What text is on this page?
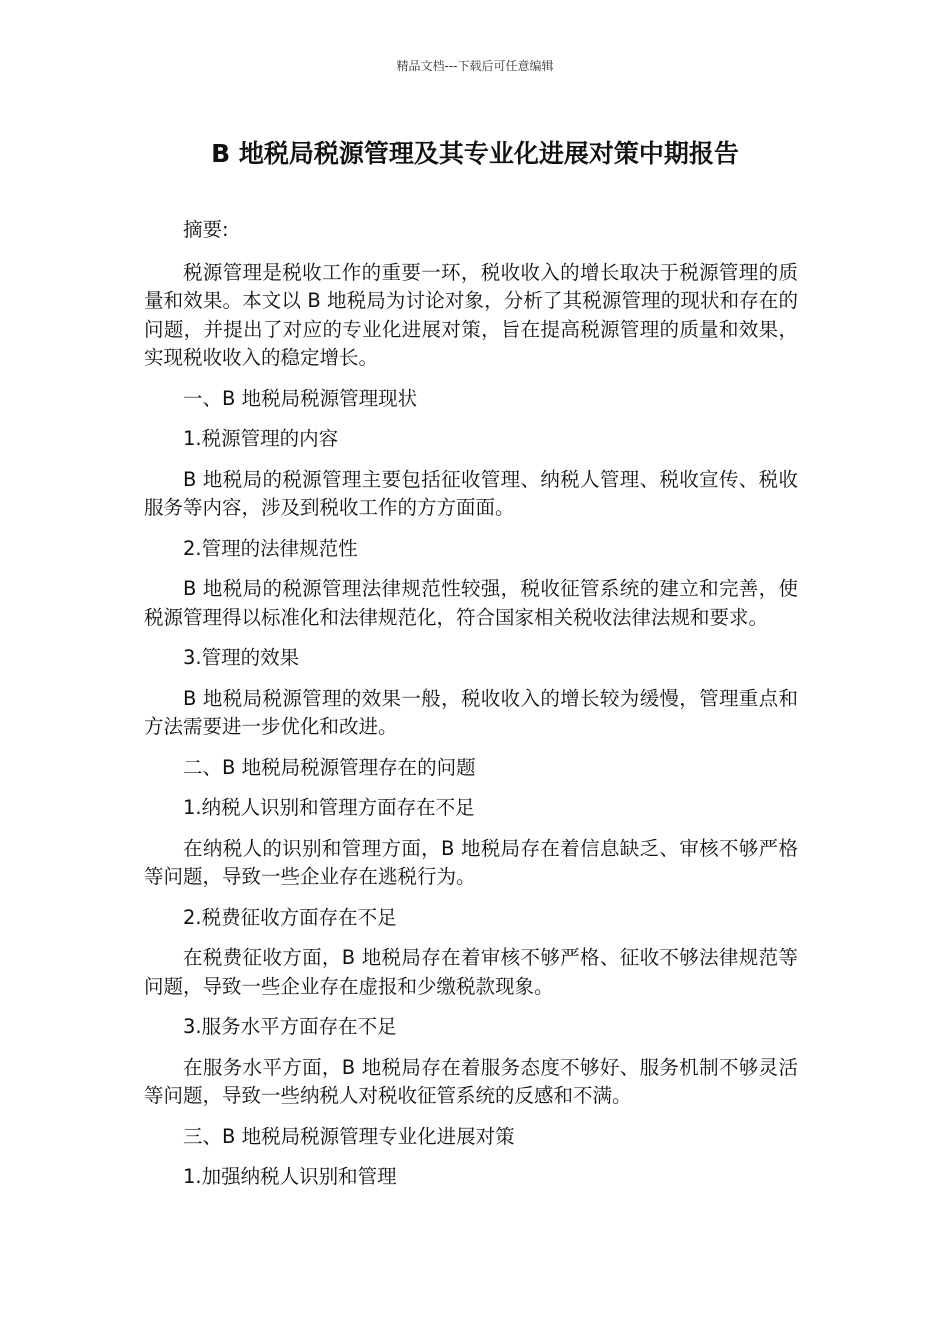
精品文档---下载后可任意编辑
B 地税局税源管理及其专业化进展对策中期报告

摘要:

税源管理是税收工作的重要一环，税收收入的增长取决于税源管理的质量和效果。本文以 B 地税局为讨论对象，分析了其税源管理的现状和存在的问题，并提出了对应的专业化进展对策，旨在提高税源管理的质量和效果，实现税收收入的稳定增长。

一、B 地税局税源管理现状

1.税源管理的内容

B 地税局的税源管理主要包括征收管理、纳税人管理、税收宣传、税收服务等内容，涉及到税收工作的方方面面。

2.管理的法律规范性

B 地税局的税源管理法律规范性较强，税收征管系统的建立和完善，使税源管理得以标准化和法律规范化，符合国家相关税收法律法规和要求。

3.管理的效果

B 地税局税源管理的效果一般，税收收入的增长较为缓慢，管理重点和方法需要进一步优化和改进。

二、B 地税局税源管理存在的问题

1.纳税人识别和管理方面存在不足

在纳税人的识别和管理方面，B 地税局存在着信息缺乏、审核不够严格等问题，导致一些企业存在逃税行为。

2.税费征收方面存在不足

在税费征收方面，B 地税局存在着审核不够严格、征收不够法律规范等问题，导致一些企业存在虚报和少缴税款现象。

3.服务水平方面存在不足

在服务水平方面，B 地税局存在着服务态度不够好、服务机制不够灵活等问题，导致一些纳税人对税收征管系统的反感和不满。

三、B 地税局税源管理专业化进展对策

1.加强纳税人识别和管理
